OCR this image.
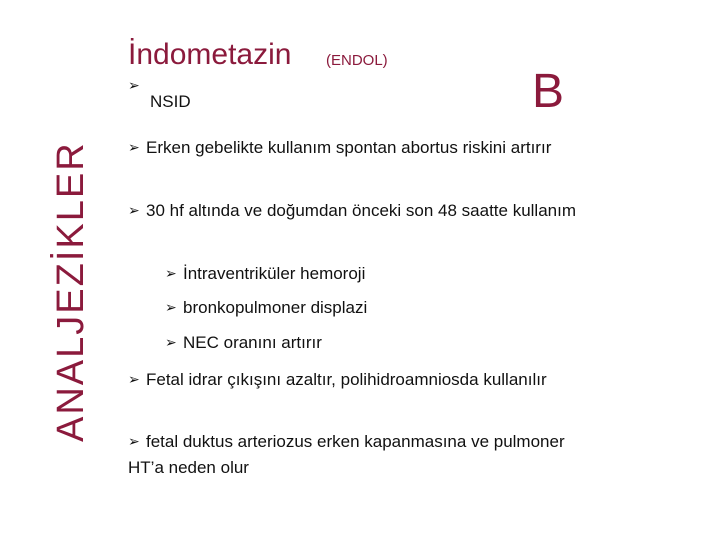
ANALJEZİKLER
İndometazin (ENDOL)
B
➢
NSID
➢ Erken gebelikte kullanım spontan abortus riskini artırır
➢ 30 hf altında ve doğumdan önceki son 48 saatte kullanım
➢ İntraventriküler hemoroji
➢ bronkopulmoner displazi
➢ NEC oranını artırır
➢ Fetal idrar çıkışını azaltır, polihidroamniosda kullanılır
➢ fetal duktus arteriozus erken kapanmasına ve pulmoner HT’a neden olur
